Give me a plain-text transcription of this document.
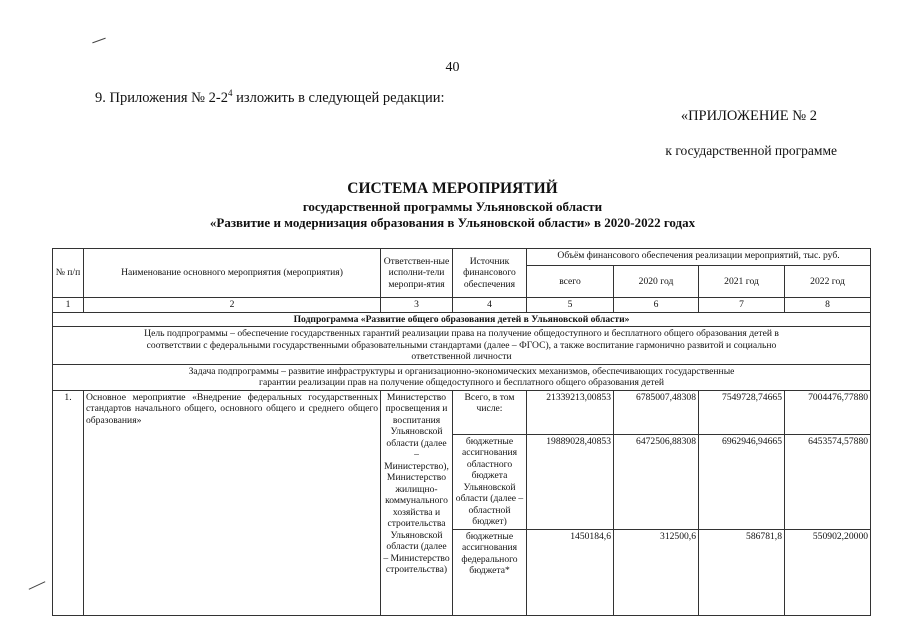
40
9. Приложения № $2-2^4$ изложить в следующей редакции:
«ПРИЛОЖЕНИЕ № 2
к государственной программе
СИСТЕМА МЕРОПРИЯТИЙ
государственной программы Ульяновской области
«Развитие и модернизация образования в Ульяновской области» в 2020-2022 годах
№ п/п	Наименование основного мероприятия (мероприятия)	Ответствен-ные исполни-тели меропри-ятия	Источник финансового обеспечения	Объём финансового обеспечения реализации мероприятий, тыс. руб.			
				всего	2020 год	2021 год	2022 год
1	2	3	4	5	6	7	8
Подпрограмма «Развитие общего образования детей в Ульяновской области»							
Цель подпрограммы – обеспечение государственных гарантий реализации права на получение общедоступного и бесплатного общего образования детей в соответствии с федеральными государственными образовательными стандартами (далее – ФГОС), а также воспитание гармонично развитой и социально ответственной личности							
Задача подпрограммы – развитие инфраструктуры и организационно-экономических механизмов, обеспечивающих государственные гарантии реализации прав на получение общедоступного и бесплатного общего образования детей							
1.	Основное мероприятие «Внедрение федеральных государственных стандартов начального общего, основного общего и среднего общего образования»	Министерство просвещения и воспитания Ульяновской области (далее – Министерство), Министерство жилищно-коммунального хозяйства и строительства Ульяновской области (далее – Министерство строительства)	Всего, в том числе:	21339213,00853	6785007,48308	7549728,74665	7004476,77880
			бюджетные ассигнования областного бюджета Ульяновской области (далее – областной бюджет)	19889028,40853	6472506,88308	6962946,94665	6453574,57880
			бюджетные ассигнования федерального бюджета*	1450184,6	312500,6	586781,8	550902,20000
